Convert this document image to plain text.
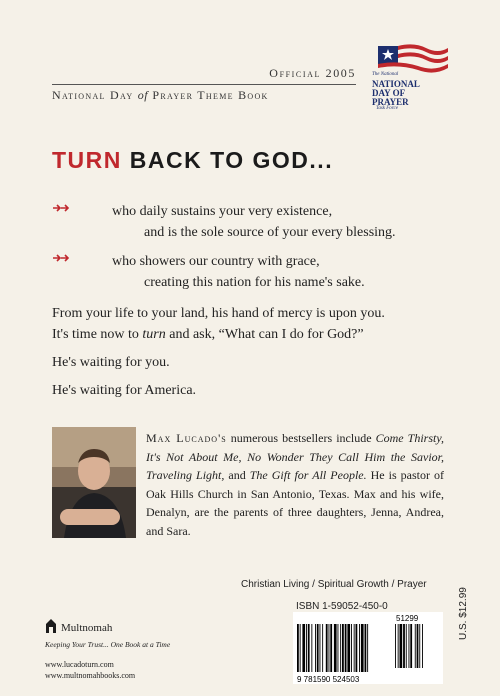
Official 2005
National Day of Prayer Theme Book
The National
NATIONAL
DAY OF
PRAYER
Task Force
TURN BACK TO GOD...
who daily sustains your very existence,
and is the sole source of your every blessing.
who showers our country with grace,
creating this nation for his name's sake.
From your life to your land, his hand of mercy is upon you.
It's time now to turn and ask, “What can I do for God?”
He's waiting for you.
He's waiting for America.
Max Lucado's numerous bestsellers include Come Thirsty, It's Not About Me, No Wonder They Call Him the Savior, Traveling Light, and The Gift for All People. He is pastor of Oak Hills Church in San Antonio, Texas. Max and his wife, Denalyn, are the parents of three daughters, Jenna, Andrea, and Sara.
Christian Living / Spiritual Growth / Prayer
Multnomah
Keeping Your Trust... One Book at a Time
www.lucadoturn.com
www.multnomahbooks.com
ISBN 1-59052-450-0
51299
9 781590 524503
U.S. $12.99
